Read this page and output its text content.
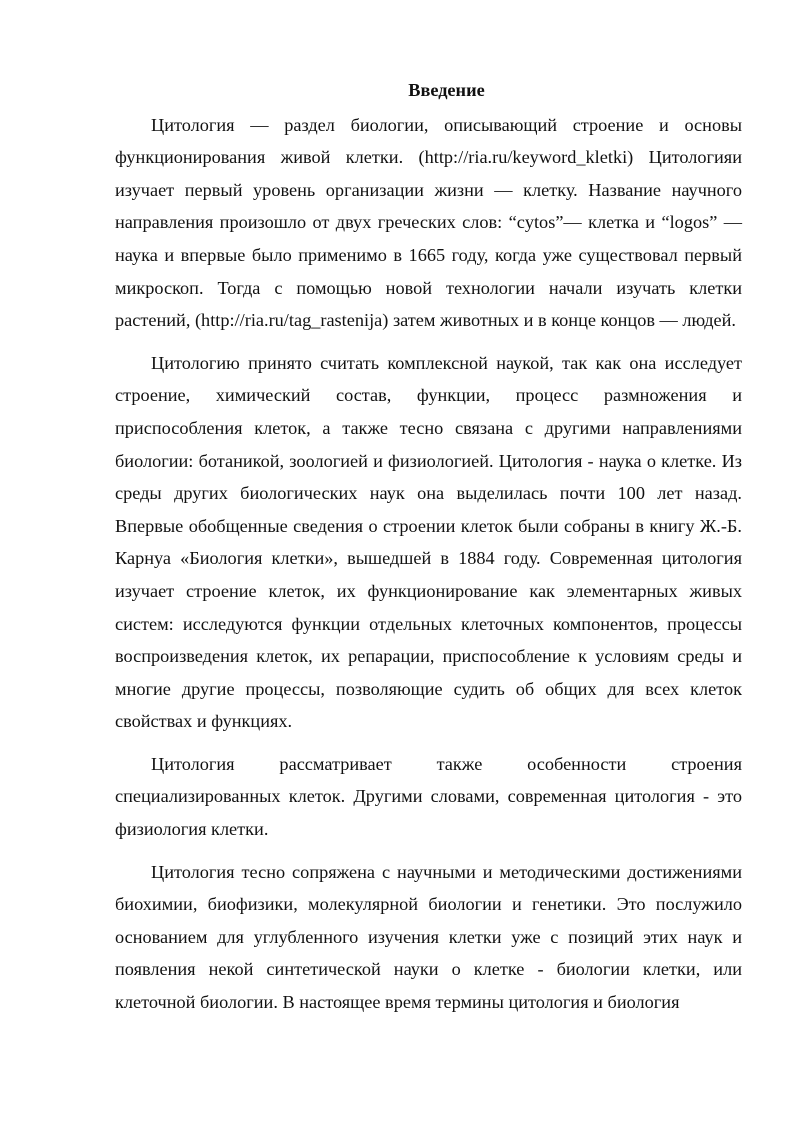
Введение

Цитология — раздел биологии, описывающий строение и основы функционирования живой клетки. (http://ria.ru/keyword_kletki) Цитологияи изучает первый уровень организации жизни — клетку. Название научного направления произошло от двух греческих слов: “cytos”— клетка и “logos” — наука и впервые было применимо в 1665 году, когда уже существовал первый микроскоп. Тогда с помощью новой технологии начали изучать клетки растений, (http://ria.ru/tag_rastenija) затем животных и в конце концов — людей.

Цитологию принято считать комплексной наукой, так как она исследует строение, химический состав, функции, процесс размножения и приспособления клеток, а также тесно связана с другими направлениями биологии: ботаникой, зоологией и физиологией. Цитология - наука о клетке. Из среды других биологических наук она выделилась почти 100 лет назад. Впервые обобщенные сведения о строении клеток были собраны в книгу Ж.-Б. Карнуа «Биология клетки», вышедшей в 1884 году. Современная цитология изучает строение клеток, их функционирование как элементарных живых систем: исследуются функции отдельных клеточных компонентов, процессы воспроизведения клеток, их репарации, приспособление к условиям среды и многие другие процессы, позволяющие судить об общих для всех клеток свойствах и функциях.

Цитология рассматривает также особенности строения специализированных клеток. Другими словами, современная цитология - это физиология клетки.

Цитология тесно сопряжена с научными и методическими достижениями биохимии, биофизики, молекулярной биологии и генетики. Это послужило основанием для углубленного изучения клетки уже с позиций этих наук и появления некой синтетической науки о клетке - биологии клетки, или клеточной биологии. В настоящее время термины цитология и биология
